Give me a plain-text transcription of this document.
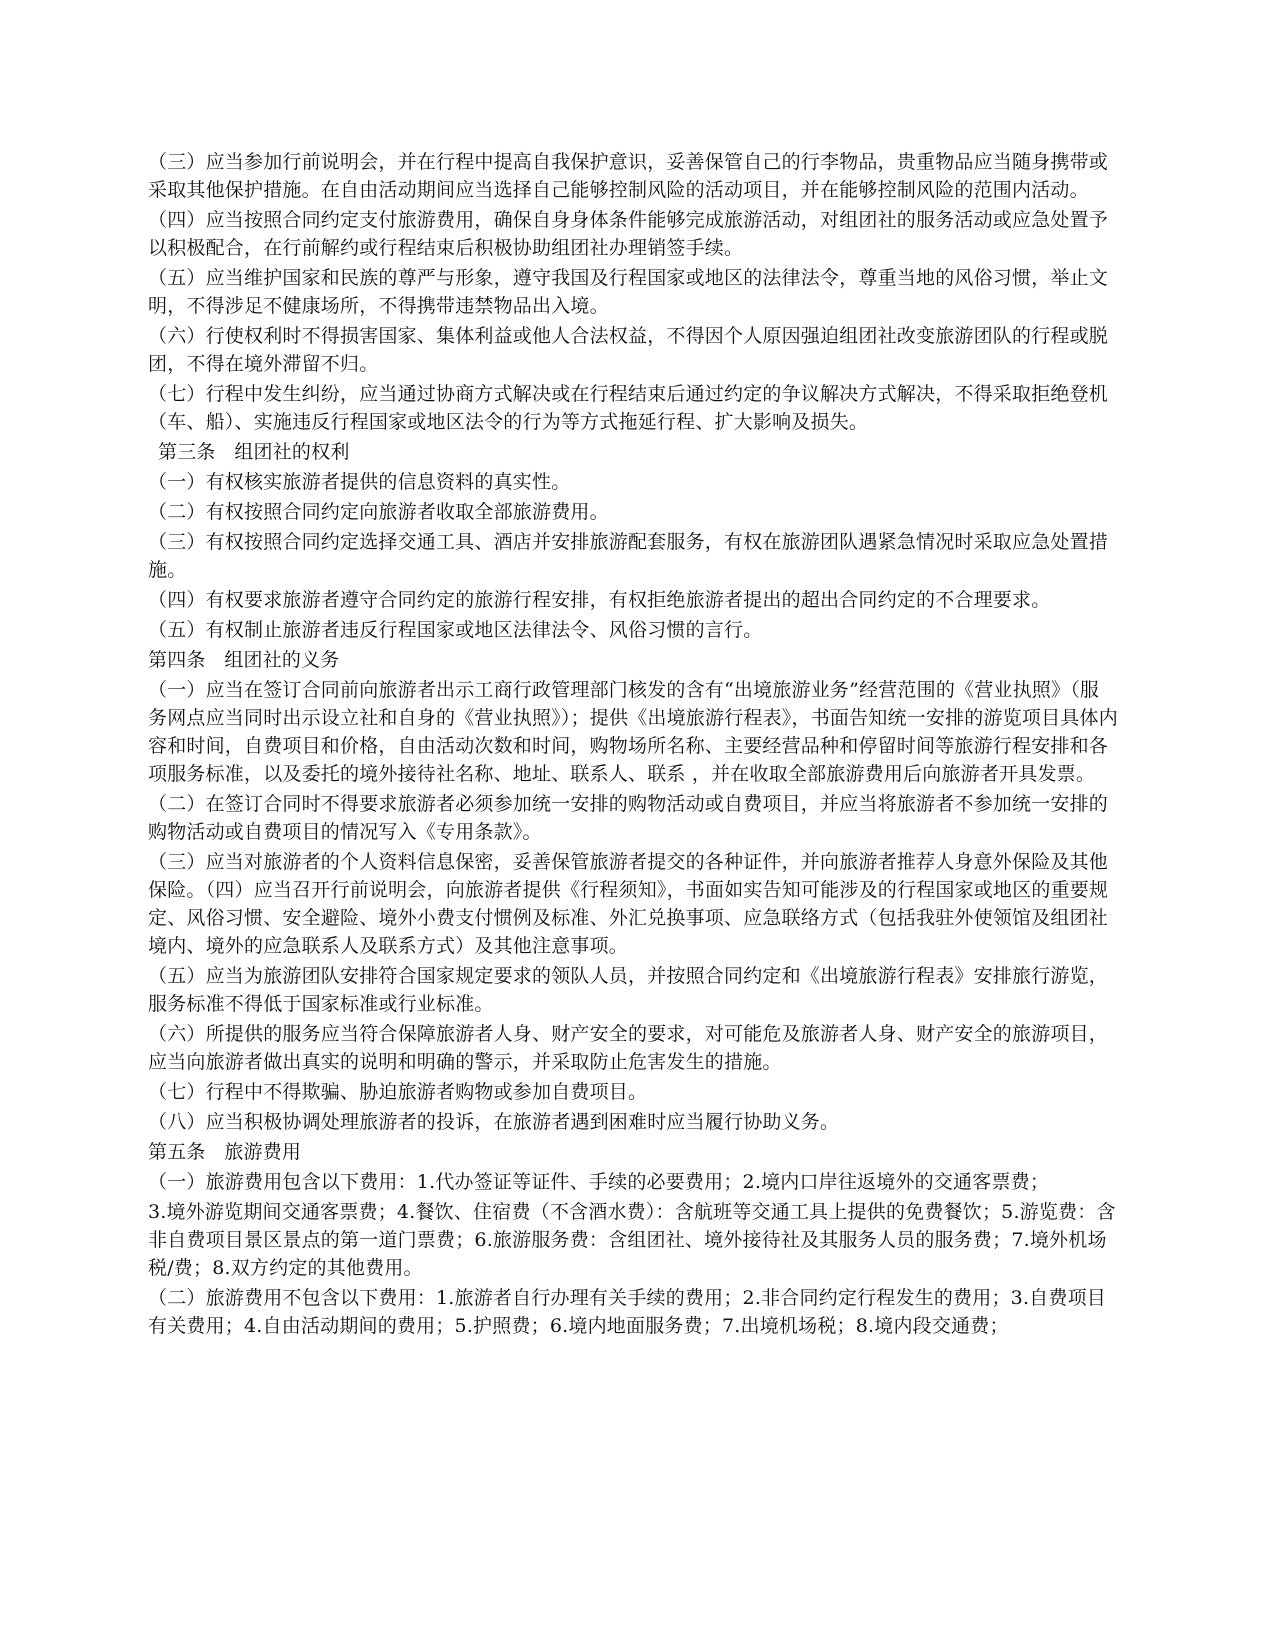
（三）应当参加行前说明会，并在行程中提高自我保护意识，妥善保管自己的行李物品，贵重物品应当随身携带或采取其他保护措施。在自由活动期间应当选择自己能够控制风险的活动项目，并在能够控制风险的范围内活动。

（四）应当按照合同约定支付旅游费用，确保自身身体条件能够完成旅游活动，对组团社的服务活动或应急处置予以积极配合，在行前解约或行程结束后积极协助组团社办理销签手续。

（五）应当维护国家和民族的尊严与形象，遵守我国及行程国家或地区的法律法令，尊重当地的风俗习惯，举止文明，不得涉足不健康场所，不得携带违禁物品出入境。

（六）行使权利时不得损害国家、集体利益或他人合法权益，不得因个人原因强迫组团社改变旅游团队的行程或脱团，不得在境外滞留不归。

（七）行程中发生纠纷，应当通过协商方式解决或在行程结束后通过约定的争议解决方式解决，不得采取拒绝登机（车、船）、实施违反行程国家或地区法令的行为等方式拖延行程、扩大影响及损失。

第三条   组团社的权利

（一）有权核实旅游者提供的信息资料的真实性。

（二）有权按照合同约定向旅游者收取全部旅游费用。

（三）有权按照合同约定选择交通工具、酒店并安排旅游配套服务，有权在旅游团队遇紧急情况时采取应急处置措施。

（四）有权要求旅游者遵守合同约定的旅游行程安排，有权拒绝旅游者提出的超出合同约定的不合理要求。

（五）有权制止旅游者违反行程国家或地区法律法令、风俗习惯的言行。

第四条   组团社的义务

（一）应当在签订合同前向旅游者出示工商行政管理部门核发的含有“出境旅游业务”经营范围的《营业执照》（服务网点应当同时出示设立社和自身的《营业执照》）；提供《出境旅游行程表》，书面告知统一安排的游览项目具体内容和时间，自费项目和价格，自由活动次数和时间，购物场所名称、主要经营品种和停留时间等旅游行程安排和各项服务标准，以及委托的境外接待社名称、地址、联系人、联系 ，并在收取全部旅游费用后向旅游者开具发票。

（二）在签订合同时不得要求旅游者必须参加统一安排的购物活动或自费项目，并应当将旅游者不参加统一安排的购物活动或自费项目的情况写入《专用条款》。

（三）应当对旅游者的个人资料信息保密，妥善保管旅游者提交的各种证件，并向旅游者推荐人身意外保险及其他保险。（四）应当召开行前说明会，向旅游者提供《行程须知》，书面如实告知可能涉及的行程国家或地区的重要规定、风俗习惯、安全避险、境外小费支付惯例及标准、外汇兑换事项、应急联络方式（包括我驻外使领馆及组团社境内、境外的应急联系人及联系方式）及其他注意事项。

（五）应当为旅游团队安排符合国家规定要求的领队人员，并按照合同约定和《出境旅游行程表》安排旅行游览，服务标准不得低于国家标准或行业标准。

（六）所提供的服务应当符合保障旅游者人身、财产安全的要求，对可能危及旅游者人身、财产安全的旅游项目，应当向旅游者做出真实的说明和明确的警示，并采取防止危害发生的措施。

（七）行程中不得欺骗、胁迫旅游者购物或参加自费项目。

（八）应当积极协调处理旅游者的投诉，在旅游者遇到困难时应当履行协助义务。

第五条   旅游费用

（一）旅游费用包含以下费用：1.代办签证等证件、手续的必要费用；2.境内口岸往返境外的交通客票费；

3.境外游览期间交通客票费；4.餐饮、住宿费（不含酒水费）：含航班等交通工具上提供的免费餐饮；5.游览费：含非自费项目景区景点的第一道门票费；6.旅游服务费：含组团社、境外接待社及其服务人员的服务费；7.境外机场税/费；8.双方约定的其他费用。

（二）旅游费用不包含以下费用：1.旅游者自行办理有关手续的费用；2.非合同约定行程发生的费用；3.自费项目有关费用；4.自由活动期间的费用；5.护照费；6.境内地面服务费；7.出境机场税；8.境内段交通费；
